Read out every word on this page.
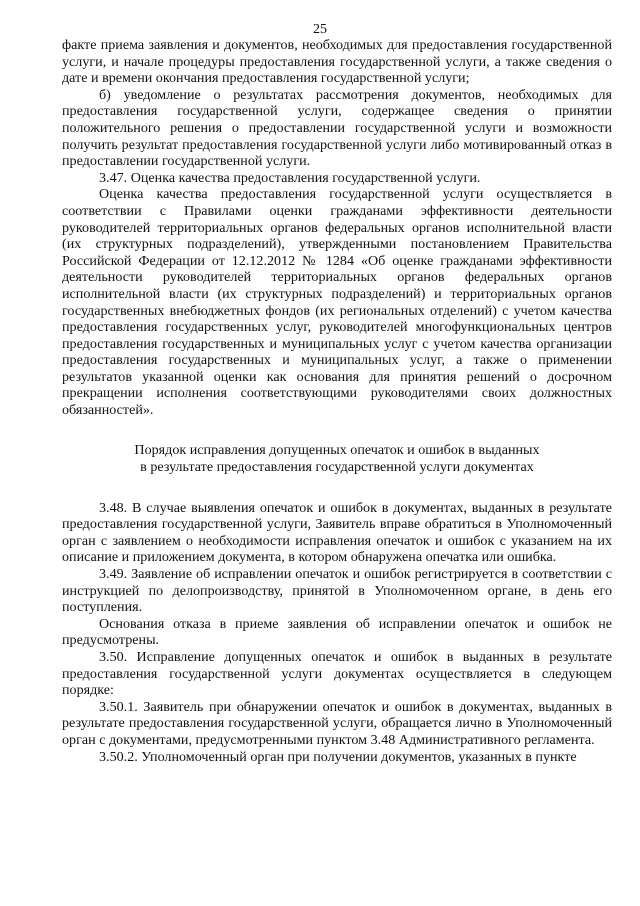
25

факте приема заявления и документов, необходимых для предоставления государственной услуги, и начале процедуры предоставления государственной услуги, а также сведения о дате и времени окончания предоставления государственной услуги;

б) уведомление о результатах рассмотрения документов, необходимых для предоставления государственной услуги, содержащее сведения о принятии положительного решения о предоставлении государственной услуги и возможности получить результат предоставления государственной услуги либо мотивированный отказ в предоставлении государственной услуги.

3.47. Оценка качества предоставления государственной услуги.

Оценка качества предоставления государственной услуги осуществляется в соответствии с Правилами оценки гражданами эффективности деятельности руководителей территориальных органов федеральных органов исполнительной власти (их структурных подразделений), утвержденными постановлением Правительства Российской Федерации от 12.12.2012 № 1284 «Об оценке гражданами эффективности деятельности руководителей территориальных органов федеральных органов исполнительной власти (их структурных подразделений) и территориальных органов государственных внебюджетных фондов (их региональных отделений) с учетом качества предоставления государственных услуг, руководителей многофункциональных центров предоставления государственных и муниципальных услуг с учетом качества организации предоставления государственных и муниципальных услуг, а также о применении результатов указанной оценки как основания для принятия решений о досрочном прекращении исполнения соответствующими руководителями своих должностных обязанностей».

Порядок исправления допущенных опечаток и ошибок в выданных
в результате предоставления государственной услуги документах

3.48. В случае выявления опечаток и ошибок в документах, выданных в результате предоставления государственной услуги, Заявитель вправе обратиться в Уполномоченный орган с заявлением о необходимости исправления опечаток и ошибок с указанием на их описание и приложением документа, в котором обнаружена опечатка или ошибка.

3.49. Заявление об исправлении опечаток и ошибок регистрируется в соответствии с инструкцией по делопроизводству, принятой в Уполномоченном органе, в день его поступления.

Основания отказа в приеме заявления об исправлении опечаток и ошибок не предусмотрены.

3.50. Исправление допущенных опечаток и ошибок в выданных в результате предоставления государственной услуги документах осуществляется в следующем порядке:

3.50.1. Заявитель при обнаружении опечаток и ошибок в документах, выданных в результате предоставления государственной услуги, обращается лично в Уполномоченный орган с документами, предусмотренными пунктом 3.48 Административного регламента.

3.50.2. Уполномоченный орган при получении документов, указанных в пункте
